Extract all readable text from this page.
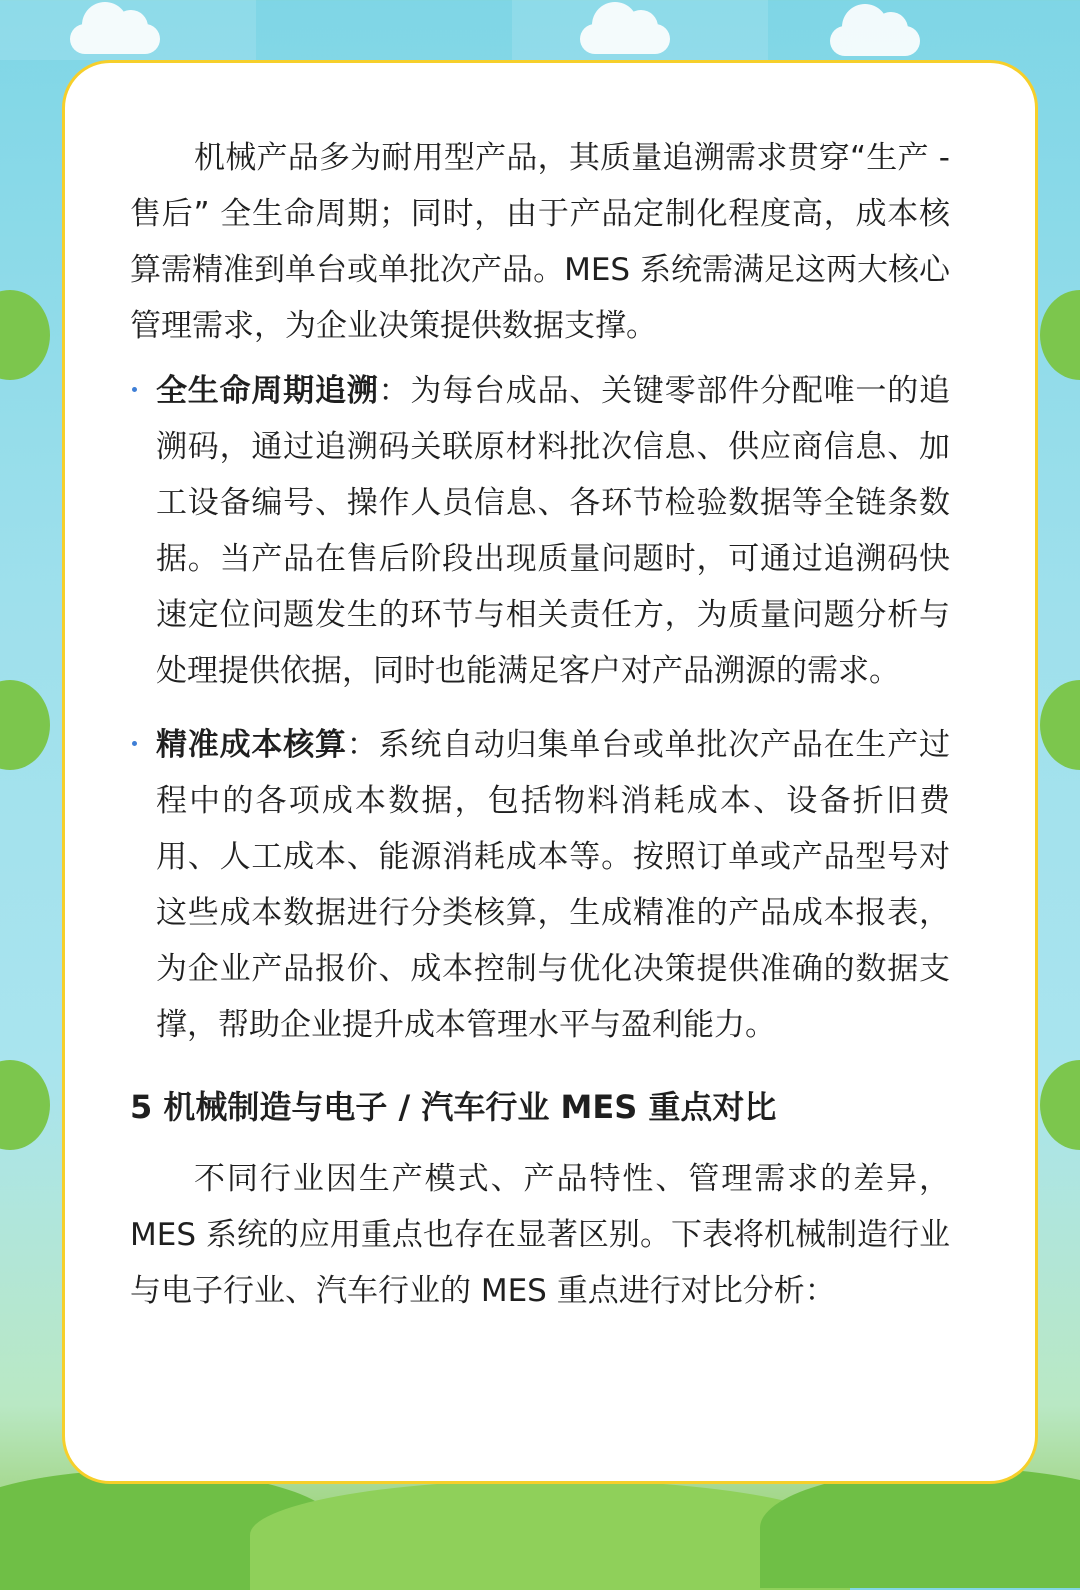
机械产品多为耐用型产品，其质量追溯需求贯穿“生产 - 售后” 全生命周期；同时，由于产品定制化程度高，成本核算需精准到单台或单批次产品。MES 系统需满足这两大核心管理需求，为企业决策提供数据支撑。

全生命周期追溯：为每台成品、关键零部件分配唯一的追溯码，通过追溯码关联原材料批次信息、供应商信息、加工设备编号、操作人员信息、各环节检验数据等全链条数据。当产品在售后阶段出现质量问题时，可通过追溯码快速定位问题发生的环节与相关责任方，为质量问题分析与处理提供依据，同时也能满足客户对产品溯源的需求。
精准成本核算：系统自动归集单台或单批次产品在生产过程中的各项成本数据，包括物料消耗成本、设备折旧费用、人工成本、能源消耗成本等。按照订单或产品型号对这些成本数据进行分类核算，生成精准的产品成本报表，为企业产品报价、成本控制与优化决策提供准确的数据支撑，帮助企业提升成本管理水平与盈利能力。
5 机械制造与电子 / 汽车行业 MES 重点对比

不同行业因生产模式、产品特性、管理需求的差异，MES 系统的应用重点也存在显著区别。下表将机械制造行业与电子行业、汽车行业的 MES 重点进行对比分析：
